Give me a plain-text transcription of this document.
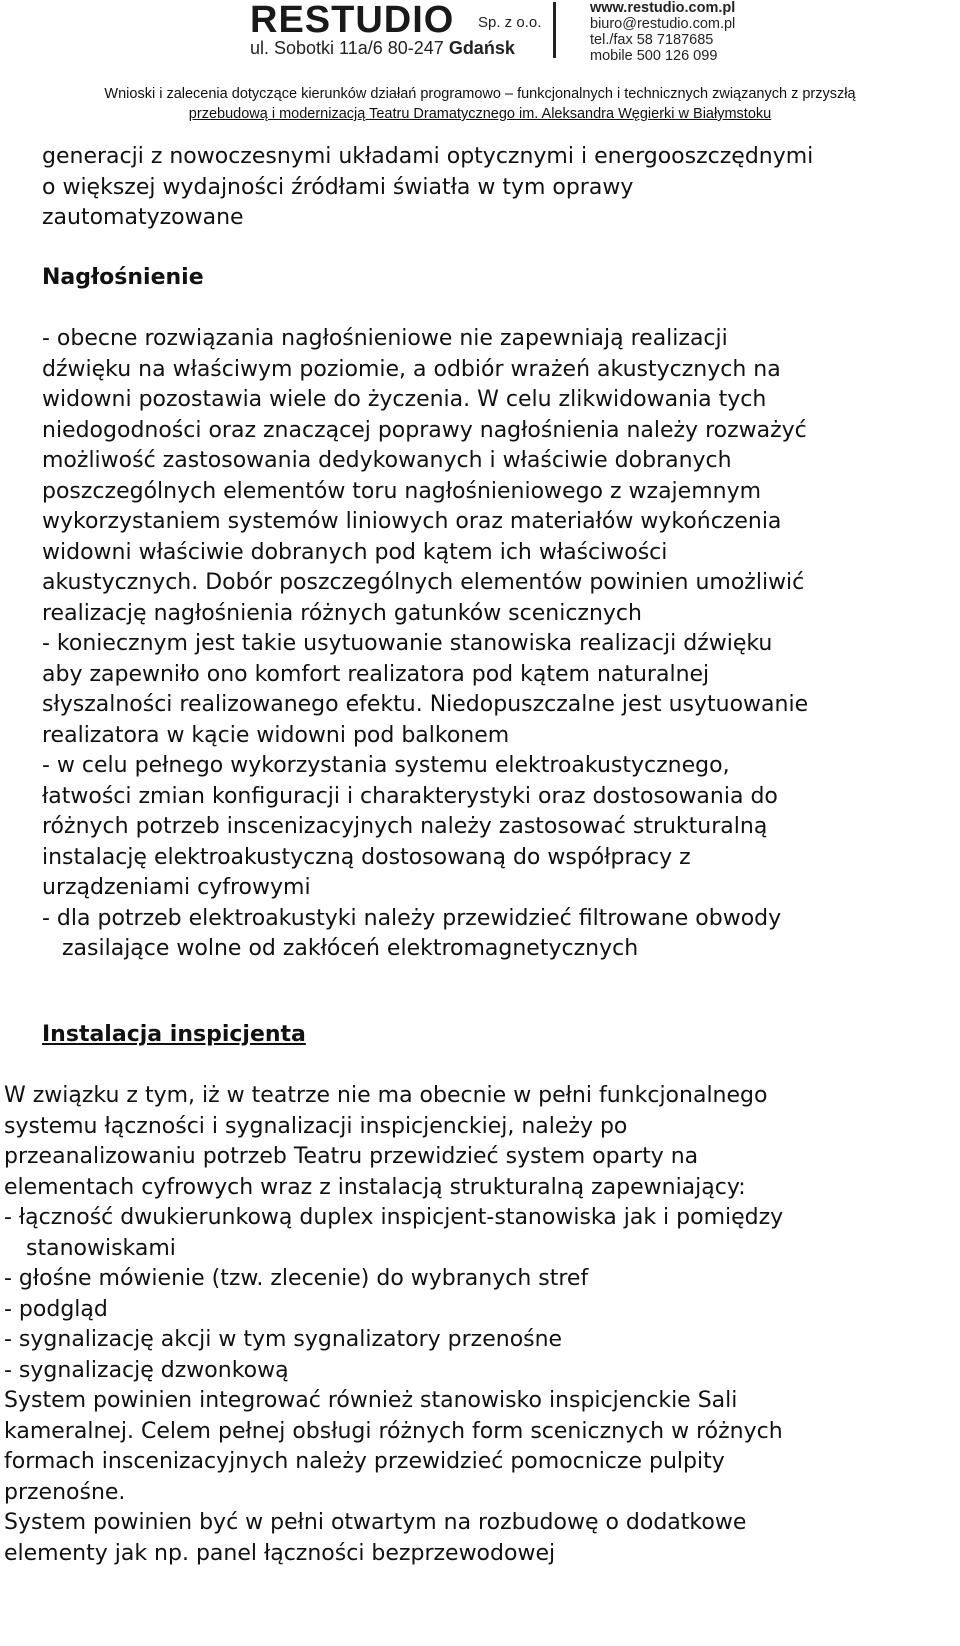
RESTUDIO Sp. z o.o.
ul. Sobotki 11a/6 80-247 Gdańsk
www.restudio.com.pl
biuro@restudio.com.pl
tel./fax 58 7187685
mobile 500 126 099
Wnioski i zalecenia dotyczące kierunków działań programowo – funkcjonalnych i technicznych związanych z przyszłą
przebudową i modernizacją Teatru Dramatycznego im. Aleksandra Węgierki w Białymstoku
generacji z nowoczesnymi układami optycznymi i energooszczędnymi
o większej wydajności źródłami światła w tym oprawy
zautomatyzowane
Nagłośnienie
- obecne rozwiązania nagłośnieniowe nie zapewniają realizacji
dźwięku na właściwym poziomie, a odbiór wrażeń akustycznych na
widowni pozostawia wiele do życzenia. W celu zlikwidowania tych
niedogodności oraz znaczącej poprawy nagłośnienia należy rozważyć
możliwość zastosowania dedykowanych i właściwie dobranych
poszczególnych elementów toru nagłośnieniowego z wzajemnym
wykorzystaniem systemów liniowych oraz materiałów wykończenia
widowni właściwie dobranych pod kątem ich właściwości
akustycznych. Dobór poszczególnych elementów powinien umożliwić
realizację nagłośnienia różnych gatunków scenicznych
- koniecznym jest takie usytuowanie stanowiska realizacji dźwięku
aby zapewniło ono komfort realizatora pod kątem naturalnej
słyszalności realizowanego efektu. Niedopuszczalne jest usytuowanie
realizatora w kącie widowni pod balkonem
- w celu pełnego wykorzystania systemu elektroakustycznego,
łatwości zmian konfiguracji i charakterystyki oraz dostosowania do
różnych potrzeb inscenizacyjnych należy zastosować strukturalną
instalację elektroakustyczną dostosowaną do współpracy z
urządzeniami cyfrowymi
- dla potrzeb elektroakustyki należy przewidzieć filtrowane obwody
zasilające wolne od zakłóceń elektromagnetycznych
Instalacja inspicjenta
W związku z tym, iż w teatrze nie ma obecnie w pełni funkcjonalnego
systemu łączności i sygnalizacji inspicjenckiej, należy po
przeanalizowaniu potrzeb Teatru przewidzieć system oparty na
elementach cyfrowych wraz z instalacją strukturalną zapewniający:
- łączność dwukierunkową duplex inspicjent-stanowiska jak i pomiędzy
stanowiskami
- głośne mówienie (tzw. zlecenie) do wybranych stref
- podgląd
- sygnalizację akcji w tym sygnalizatory przenośne
- sygnalizację dzwonkową
System powinien integrować również stanowisko inspicjenckie Sali
kameralnej. Celem pełnej obsługi różnych form scenicznych w różnych
formach inscenizacyjnych należy przewidzieć pomocnicze pulpity
przenośne.
System powinien być w pełni otwartym na rozbudowę o dodatkowe
elementy jak np. panel łączności bezprzewodowej
